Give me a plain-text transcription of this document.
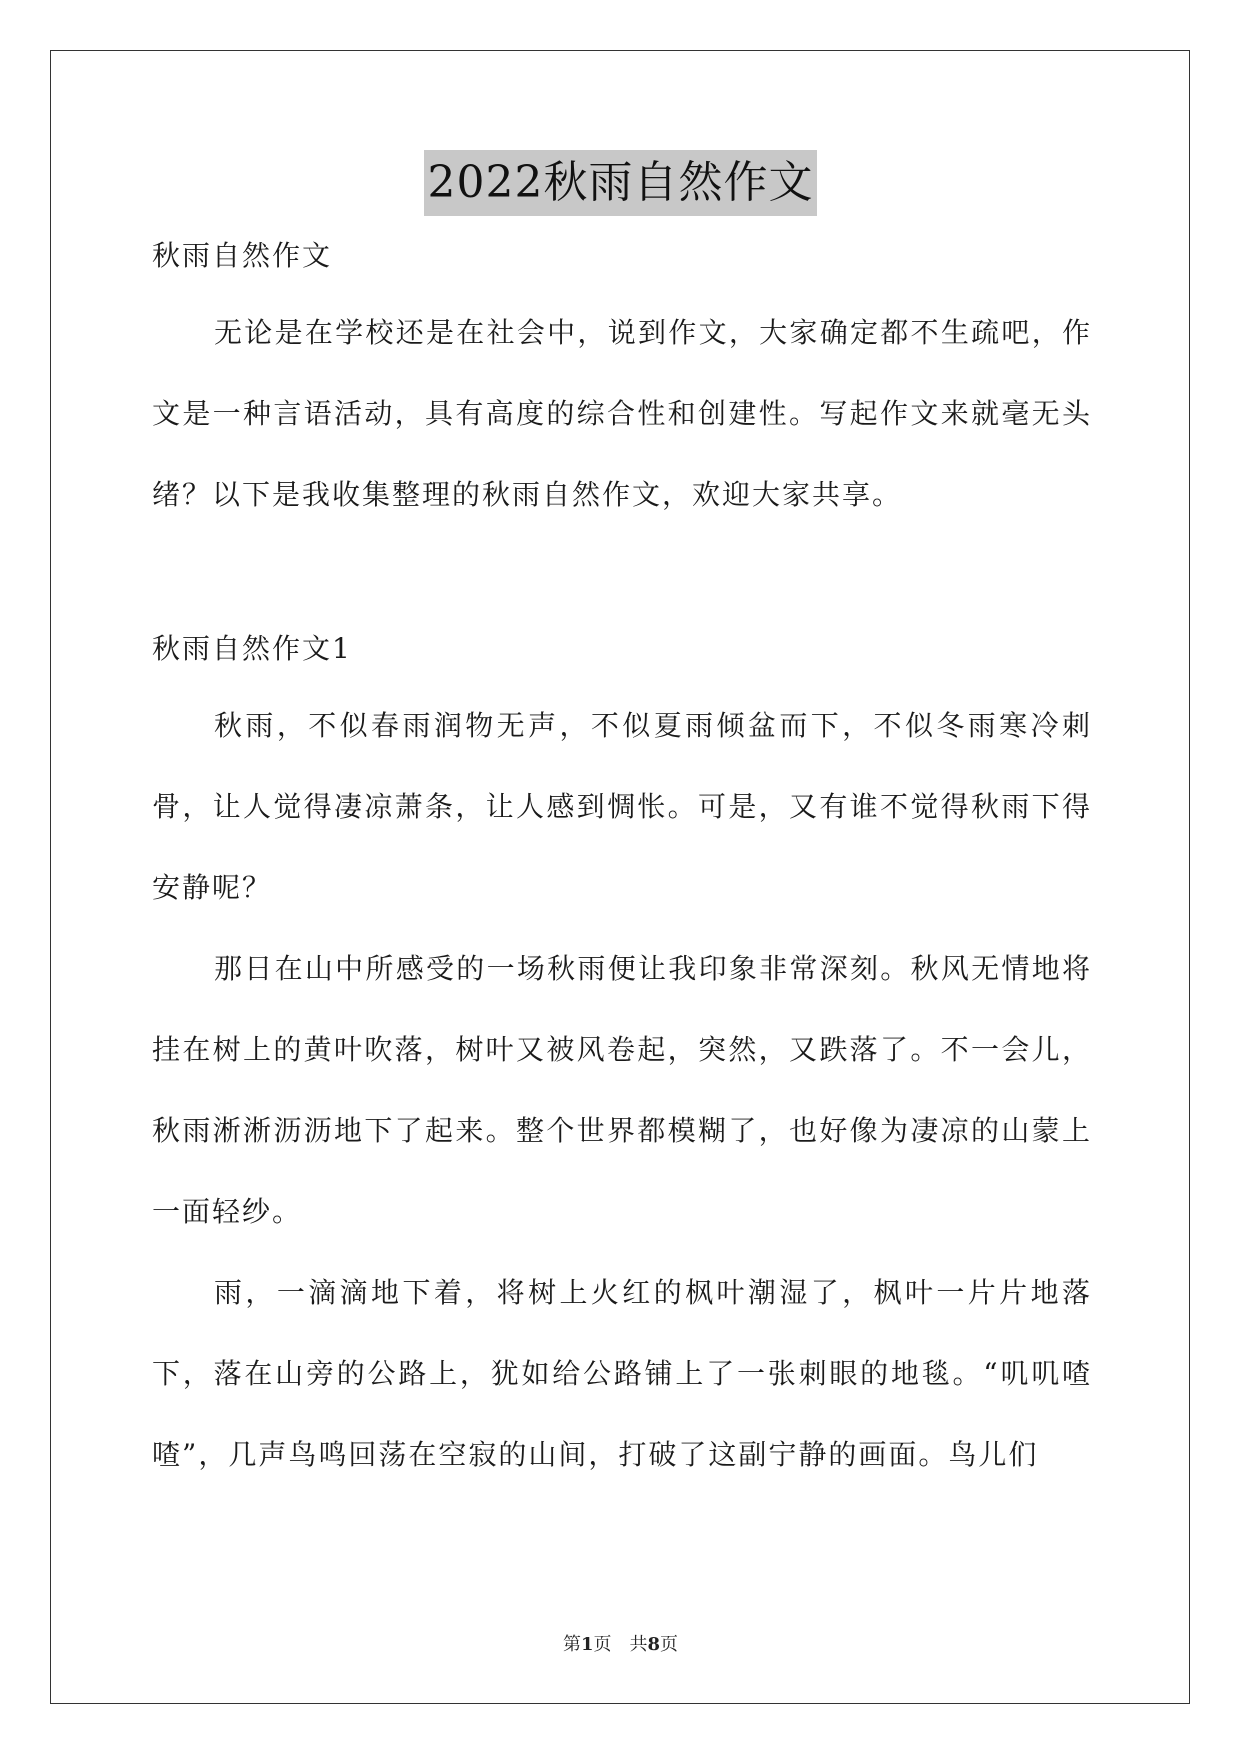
2022秋雨自然作文

秋雨自然作文

无论是在学校还是在社会中，说到作文，大家确定都不生疏吧，作文是一种言语活动，具有高度的综合性和创建性。写起作文来就毫无头绪？以下是我收集整理的秋雨自然作文，欢迎大家共享。

秋雨自然作文1

秋雨，不似春雨润物无声，不似夏雨倾盆而下，不似冬雨寒冷刺骨，让人觉得凄凉萧条，让人感到惆怅。可是，又有谁不觉得秋雨下得安静呢？

那日在山中所感受的一场秋雨便让我印象非常深刻。秋风无情地将挂在树上的黄叶吹落，树叶又被风卷起，突然，又跌落了。不一会儿，秋雨淅淅沥沥地下了起来。整个世界都模糊了，也好像为凄凉的山蒙上一面轻纱。

雨，一滴滴地下着，将树上火红的枫叶潮湿了，枫叶一片片地落下，落在山旁的公路上，犹如给公路铺上了一张刺眼的地毯。“叽叽喳喳”，几声鸟鸣回荡在空寂的山间，打破了这副宁静的画面。鸟儿们

第1页　共8页
